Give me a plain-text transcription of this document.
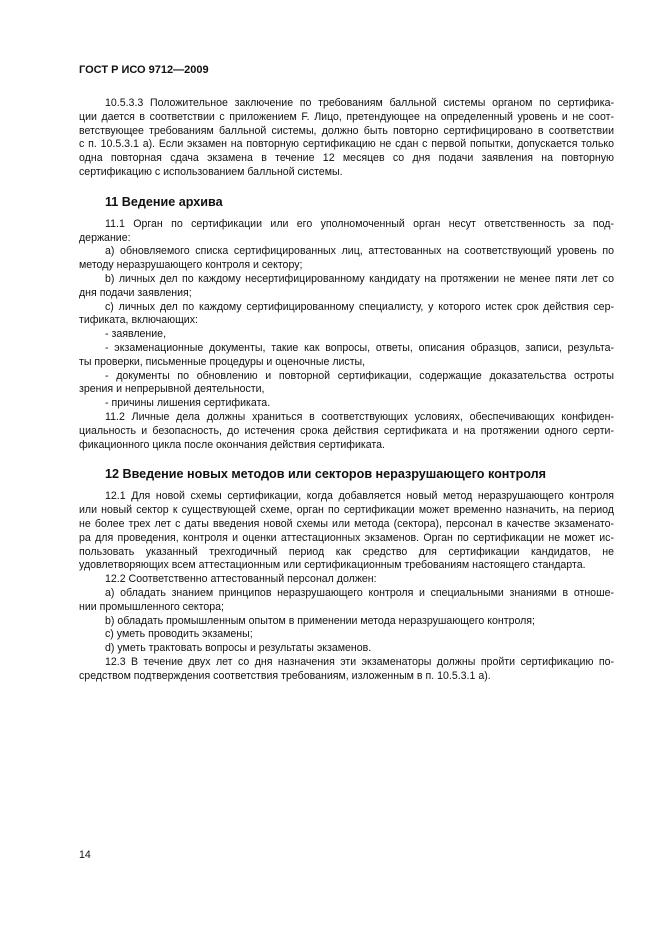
ГОСТ Р ИСО 9712—2009
10.5.3.3 Положительное заключение по требованиям балльной системы органом по сертифика-
ции дается в соответствии с приложением F. Лицо, претендующее на определенный уровень и не соот-
ветствующее требованиям балльной системы, должно быть повторно сертифицировано в соответствии
с п. 10.5.3.1 а). Если экзамен на повторную сертификацию не сдан с первой попытки, допускается только
одна повторная сдача экзамена в течение 12 месяцев со дня подачи заявления на повторную
сертификацию с использованием балльной системы.
11 Ведение архива
11.1 Орган по сертификации или его уполномоченный орган несут ответственность за под-
держание:
a) обновляемого списка сертифицированных лиц, аттестованных на соответствующий уровень по
методу неразрушающего контроля и сектору;
b) личных дел по каждому несертифицированному кандидату на протяжении не менее пяти лет со
дня подачи заявления;
c) личных дел по каждому сертифицированному специалисту, у которого истек срок действия сер-
тификата, включающих:
- заявление,
- экзаменационные документы, такие как вопросы, ответы, описания образцов, записи, результа-
ты проверки, письменные процедуры и оценочные листы,
- документы по обновлению и повторной сертификации, содержащие доказательства остроты
зрения и непрерывной деятельности,
- причины лишения сертификата.
11.2 Личные дела должны храниться в соответствующих условиях, обеспечивающих конфиден-
циальность и безопасность, до истечения срока действия сертификата и на протяжении одного серти-
фикационного цикла после окончания действия сертификата.
12 Введение новых методов или секторов неразрушающего контроля
12.1 Для новой схемы сертификации, когда добавляется новый метод неразрушающего контроля
или новый сектор к существующей схеме, орган по сертификации может временно назначить, на период
не более трех лет с даты введения новой схемы или метода (сектора), персонал в качестве экзаменато-
ра для проведения, контроля и оценки аттестационных экзаменов. Орган по сертификации не может ис-
пользовать указанный трехгодичный период как средство для сертификации кандидатов, не
удовлетворяющих всем аттестационным или сертификационным требованиям настоящего стандарта.
12.2 Соответственно аттестованный персонал должен:
a) обладать знанием принципов неразрушающего контроля и специальными знаниями в отноше-
нии промышленного сектора;
b) обладать промышленным опытом в применении метода неразрушающего контроля;
c) уметь проводить экзамены;
d) уметь трактовать вопросы и результаты экзаменов.
12.3 В течение двух лет со дня назначения эти экзаменаторы должны пройти сертификацию по-
средством подтверждения соответствия требованиям, изложенным в п. 10.5.3.1 а).
14
